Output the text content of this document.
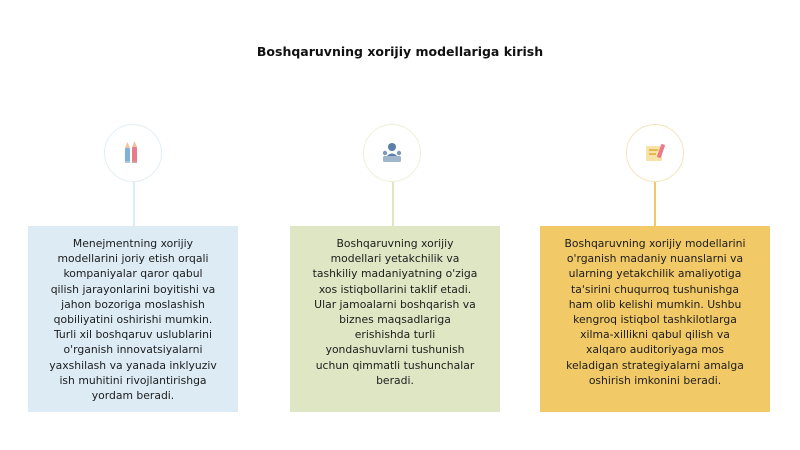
Boshqaruvning xorijiy modellariga kirish
Menejmentning xorijiy
modellarini joriy etish orqali
kompaniyalar qaror qabul
qilish jarayonlarini boyitishi va
jahon bozoriga moslashish
qobiliyatini oshirishi mumkin.
Turli xil boshqaruv uslublarini
o'rganish innovatsiyalarni
yaxshilash va yanada inklyuziv
ish muhitini rivojlantirishga
yordam beradi.
Boshqaruvning xorijiy
modellari yetakchilik va
tashkiliy madaniyatning o'ziga
xos istiqbollarini taklif etadi.
Ular jamoalarni boshqarish va
biznes maqsadlariga
erishishda turli
yondashuvlarni tushunish
uchun qimmatli tushunchalar
beradi.
Boshqaruvning xorijiy modellarini
o'rganish madaniy nuanslarni va
ularning yetakchilik amaliyotiga
ta'sirini chuqurroq tushunishga
ham olib kelishi mumkin. Ushbu
kengroq istiqbol tashkilotlarga
xilma-xillikni qabul qilish va
xalqaro auditoriyaga mos
keladigan strategiyalarni amalga
oshirish imkonini beradi.
